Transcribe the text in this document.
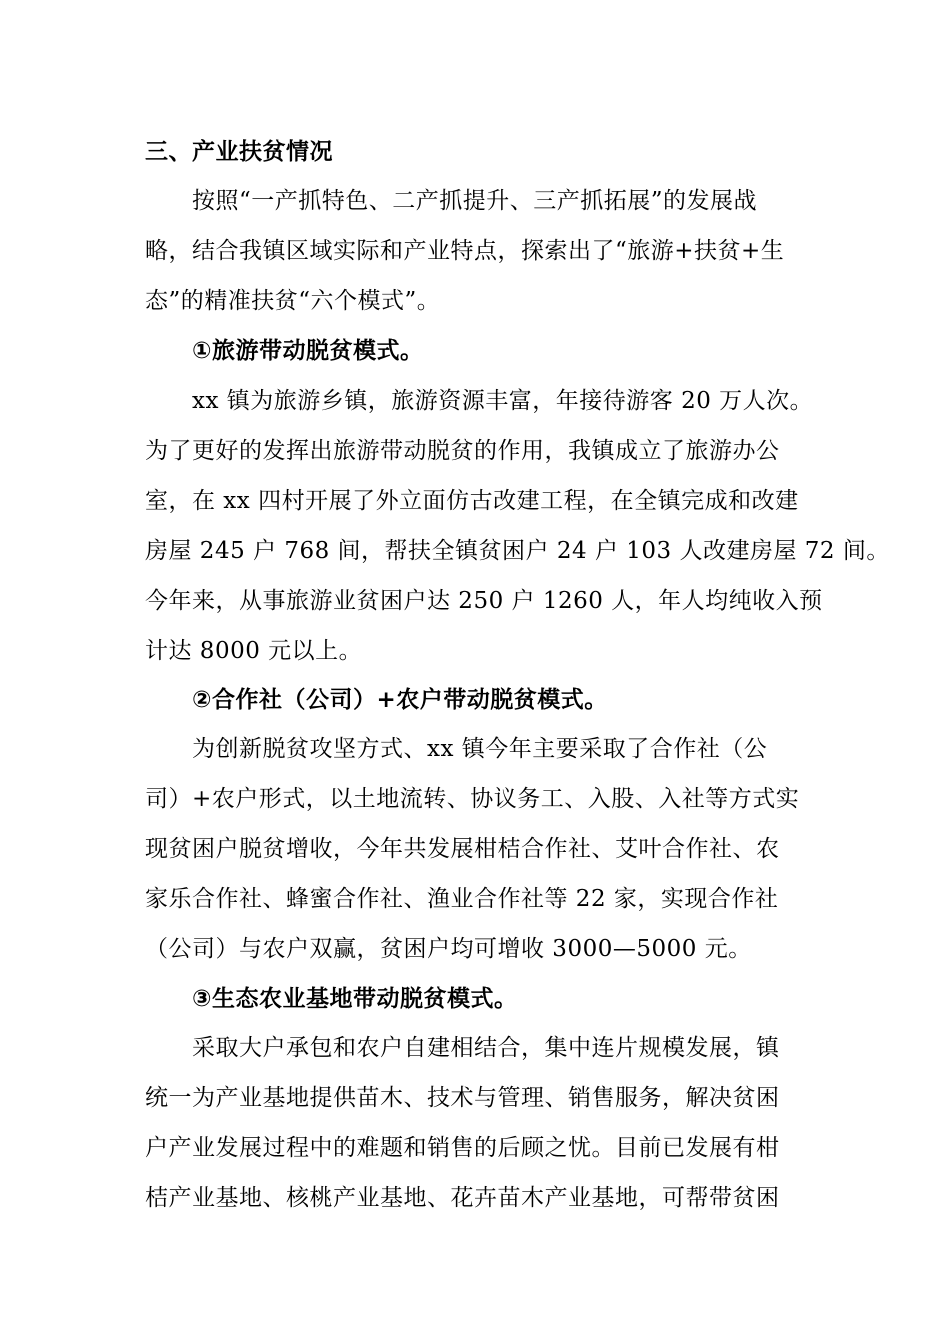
三、产业扶贫情况
按照“一产抓特色、二产抓提升、三产抓拓展”的发展战
略，结合我镇区域实际和产业特点，探索出了“旅游+扶贫+生
态”的精准扶贫“六个模式”。
①旅游带动脱贫模式。
xx 镇为旅游乡镇，旅游资源丰富，年接待游客 20 万人次。
为了更好的发挥出旅游带动脱贫的作用，我镇成立了旅游办公
室，在 xx 四村开展了外立面仿古改建工程，在全镇完成和改建
房屋 245 户 768 间，帮扶全镇贫困户 24 户 103 人改建房屋 72 间。
今年来，从事旅游业贫困户达 250 户 1260 人，年人均纯收入预
计达 8000 元以上。
②合作社（公司）+农户带动脱贫模式。
为创新脱贫攻坚方式、xx 镇今年主要采取了合作社（公
司）+农户形式，以土地流转、协议务工、入股、入社等方式实
现贫困户脱贫增收，今年共发展柑桔合作社、艾叶合作社、农
家乐合作社、蜂蜜合作社、渔业合作社等 22 家，实现合作社
（公司）与农户双赢，贫困户均可增收 3000—5000 元。
③生态农业基地带动脱贫模式。
采取大户承包和农户自建相结合，集中连片规模发展，镇
统一为产业基地提供苗木、技术与管理、销售服务，解决贫困
户产业发展过程中的难题和销售的后顾之忧。目前已发展有柑
桔产业基地、核桃产业基地、花卉苗木产业基地，可帮带贫困
